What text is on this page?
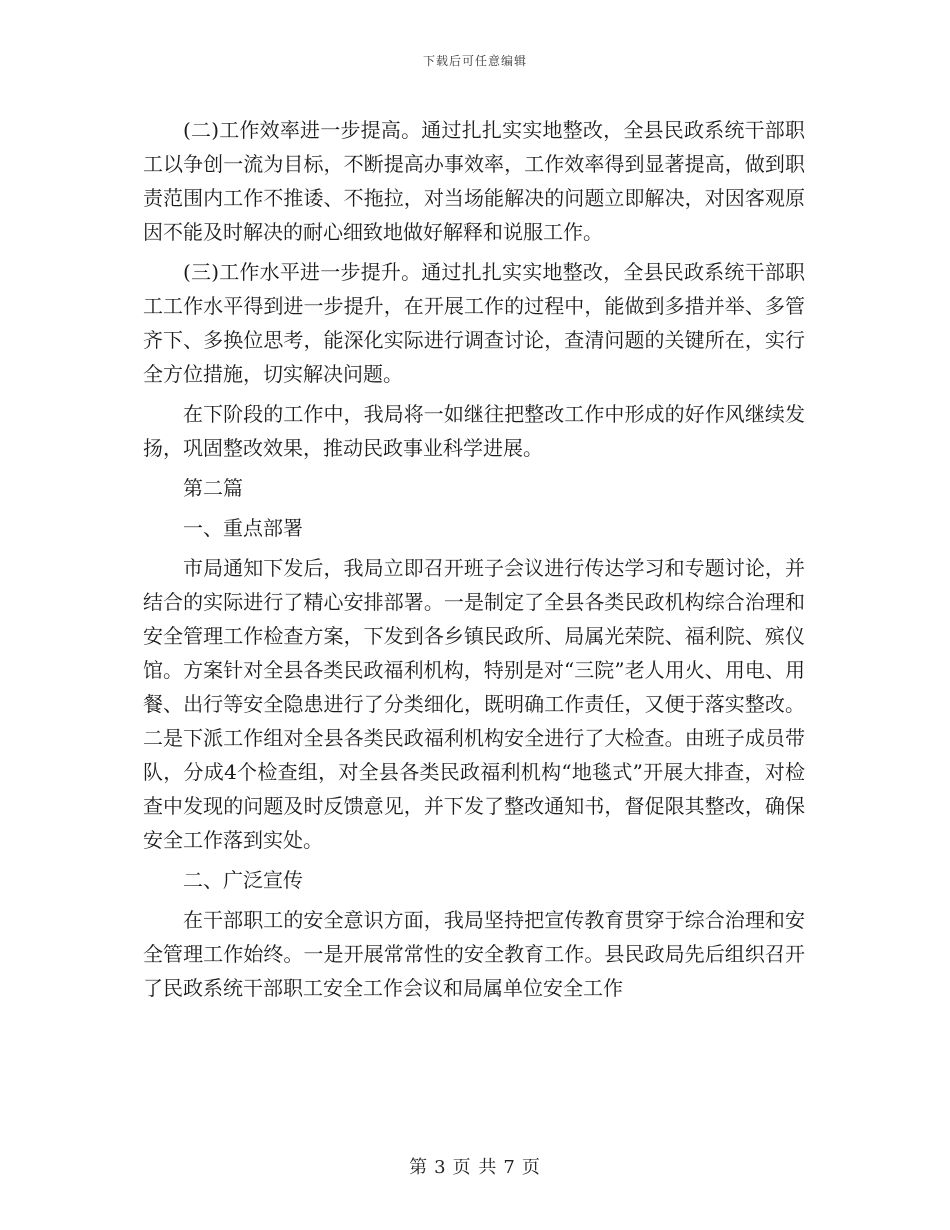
下载后可任意编辑

(二)工作效率进一步提高。通过扎扎实实地整改，全县民政系统干部职工以争创一流为目标，不断提高办事效率，工作效率得到显著提高，做到职责范围内工作不推诿、不拖拉，对当场能解决的问题立即解决，对因客观原因不能及时解决的耐心细致地做好解释和说服工作。

(三)工作水平进一步提升。通过扎扎实实地整改，全县民政系统干部职工工作水平得到进一步提升，在开展工作的过程中，能做到多措并举、多管齐下、多换位思考，能深化实际进行调查讨论，查清问题的关键所在，实行全方位措施，切实解决问题。

在下阶段的工作中，我局将一如继往把整改工作中形成的好作风继续发扬，巩固整改效果，推动民政事业科学进展。

第二篇

一、重点部署

市局通知下发后，我局立即召开班子会议进行传达学习和专题讨论，并结合的实际进行了精心安排部署。一是制定了全县各类民政机构综合治理和安全管理工作检查方案，下发到各乡镇民政所、局属光荣院、福利院、殡仪馆。方案针对全县各类民政福利机构，特别是对“三院”老人用火、用电、用餐、出行等安全隐患进行了分类细化，既明确工作责任，又便于落实整改。二是下派工作组对全县各类民政福利机构安全进行了大检查。由班子成员带队，分成4个检查组，对全县各类民政福利机构“地毯式”开展大排查，对检查中发现的问题及时反馈意见，并下发了整改通知书，督促限其整改，确保安全工作落到实处。

二、广泛宣传

在干部职工的安全意识方面，我局坚持把宣传教育贯穿于综合治理和安全管理工作始终。一是开展常常性的安全教育工作。县民政局先后组织召开了民政系统干部职工安全工作会议和局属单位安全工作

第 3 页 共 7 页
